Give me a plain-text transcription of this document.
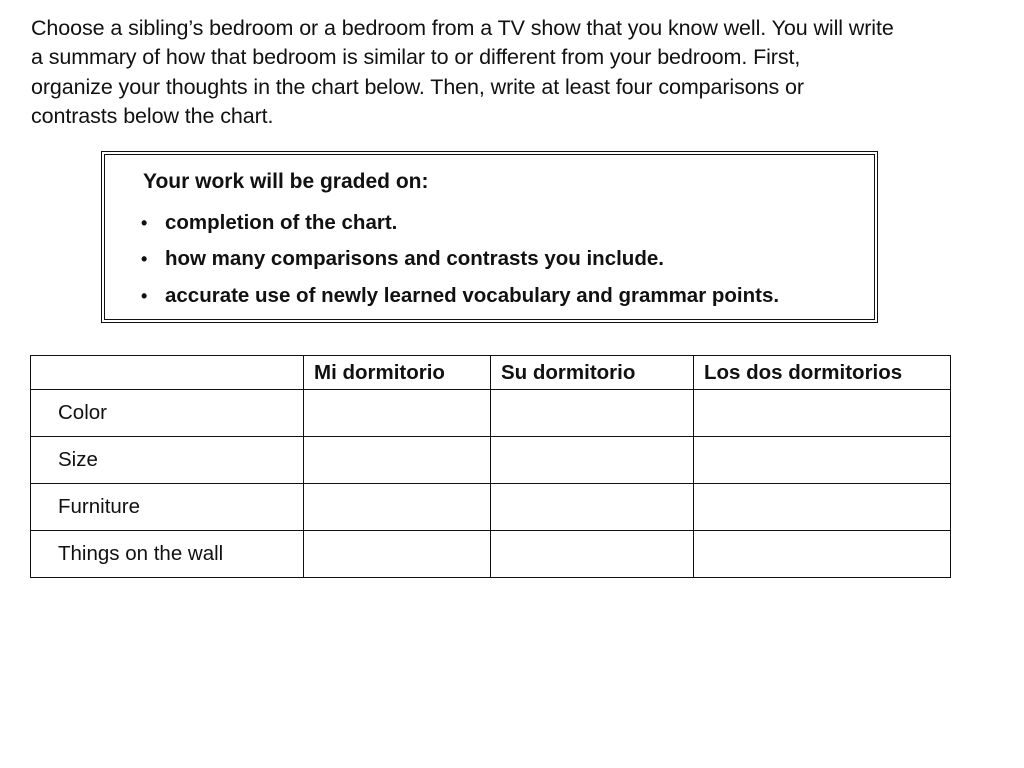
Choose a sibling’s bedroom or a bedroom from a TV show that you know well. You will write
a summary of how that bedroom is similar to or different from your bedroom. First,
organize your thoughts in the chart below. Then, write at least four comparisons or
contrasts below the chart.

Your work will be graded on:

• completion of the chart.
• how many comparisons and contrasts you include.
• accurate use of newly learned vocabulary and grammar points.
	Mi dormitorio	Su dormitorio	Los dos dormitorios
Color			
Size			
Furniture			
Things on the wall			
